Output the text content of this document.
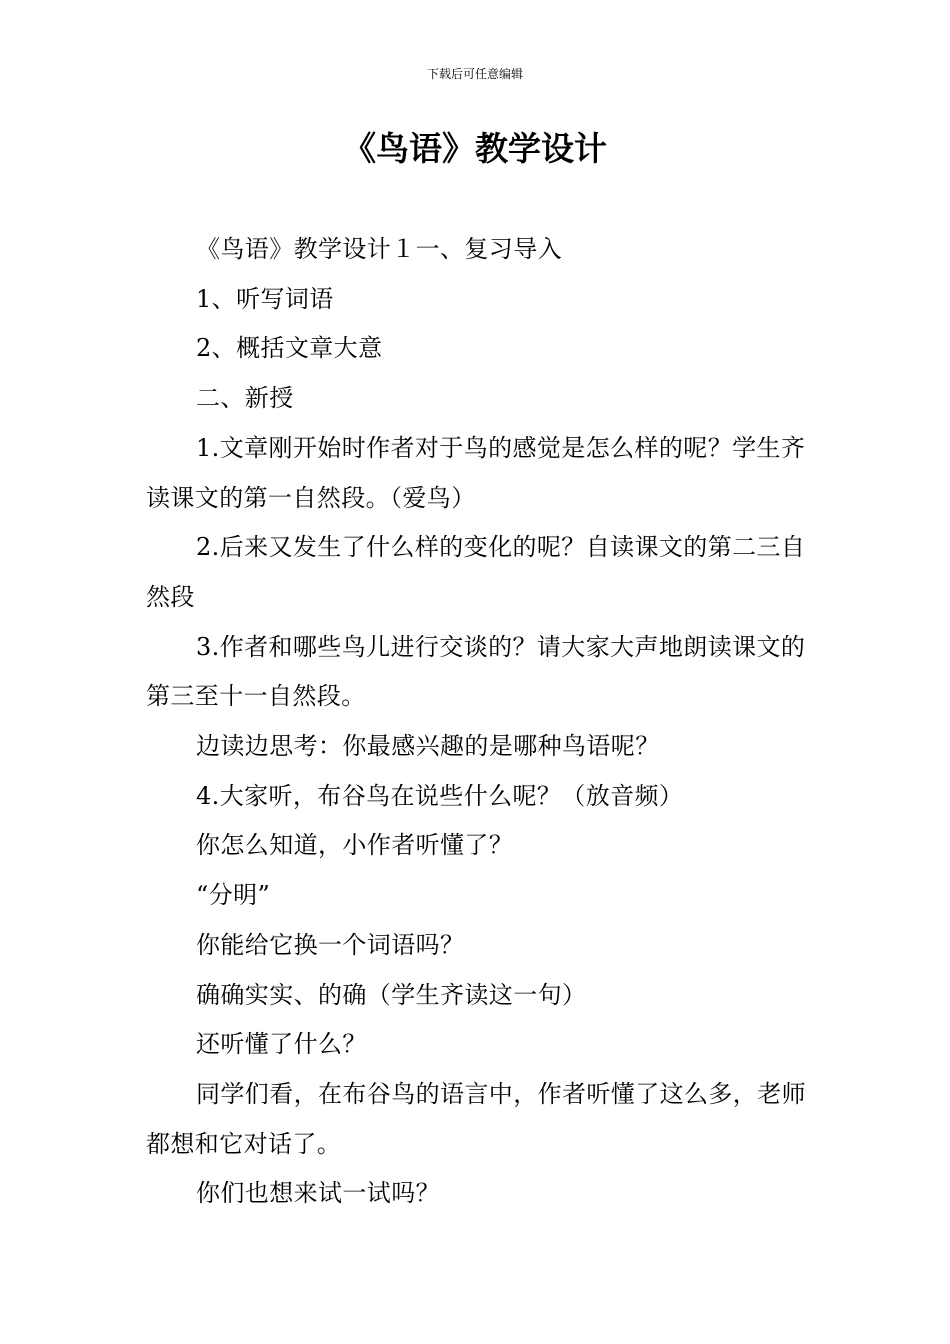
下载后可任意编辑
《鸟语》教学设计

《鸟语》教学设计１一、复习导入

1、听写词语

2、概括文章大意

二、新授

1.文章刚开始时作者对于鸟的感觉是怎么样的呢？学生齐读课文的第一自然段。（爱鸟）

2.后来又发生了什么样的变化的呢？自读课文的第二三自然段

3.作者和哪些鸟儿进行交谈的？请大家大声地朗读课文的第三至十一自然段。

边读边思考：你最感兴趣的是哪种鸟语呢？

4.大家听，布谷鸟在说些什么呢？（放音频）

你怎么知道，小作者听懂了？

“分明”

你能给它换一个词语吗？

确确实实、的确（学生齐读这一句）

还听懂了什么？

同学们看，在布谷鸟的语言中，作者听懂了这么多，老师都想和它对话了。

你们也想来试一试吗？
